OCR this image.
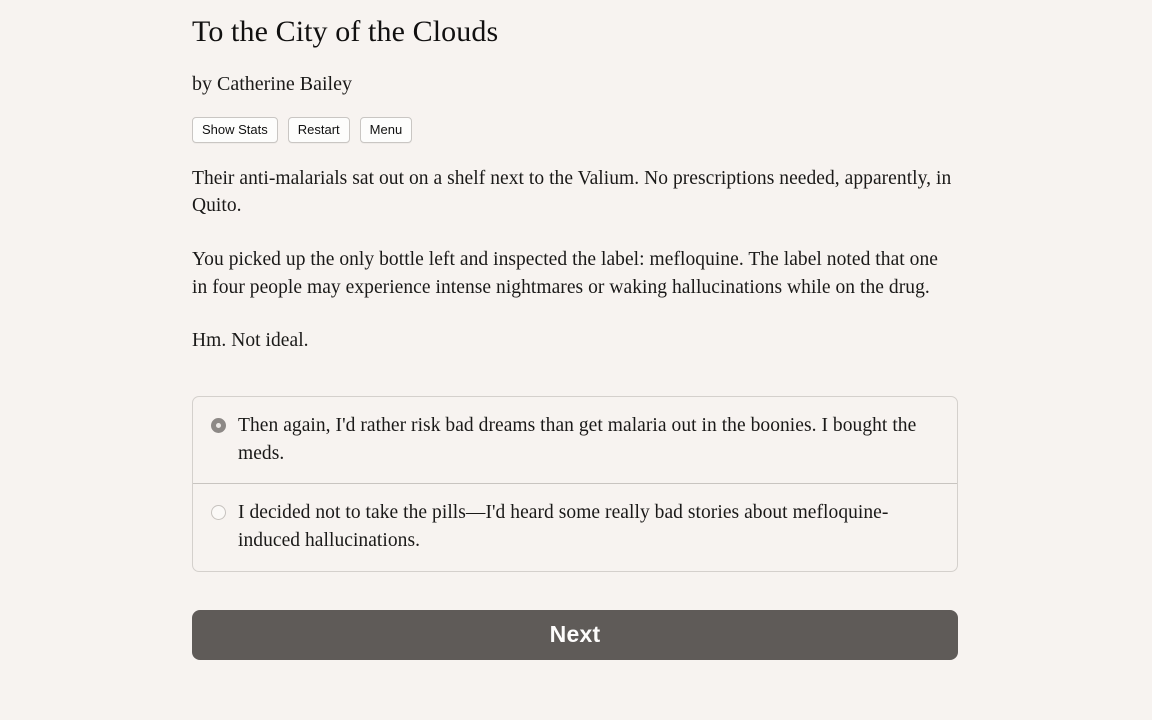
To the City of the Clouds
by Catherine Bailey
Show Stats	Restart	Menu

Their anti-malarials sat out on a shelf next to the Valium. No prescriptions needed, apparently, in Quito.

You picked up the only bottle left and inspected the label: mefloquine. The label noted that one in four people may experience intense nightmares or waking hallucinations while on the drug.

Hm. Not ideal.

Then again, I'd rather risk bad dreams than get malaria out in the boonies. I bought the meds.
I decided not to take the pills—I'd heard some really bad stories about mefloquine-induced hallucinations.
Next
